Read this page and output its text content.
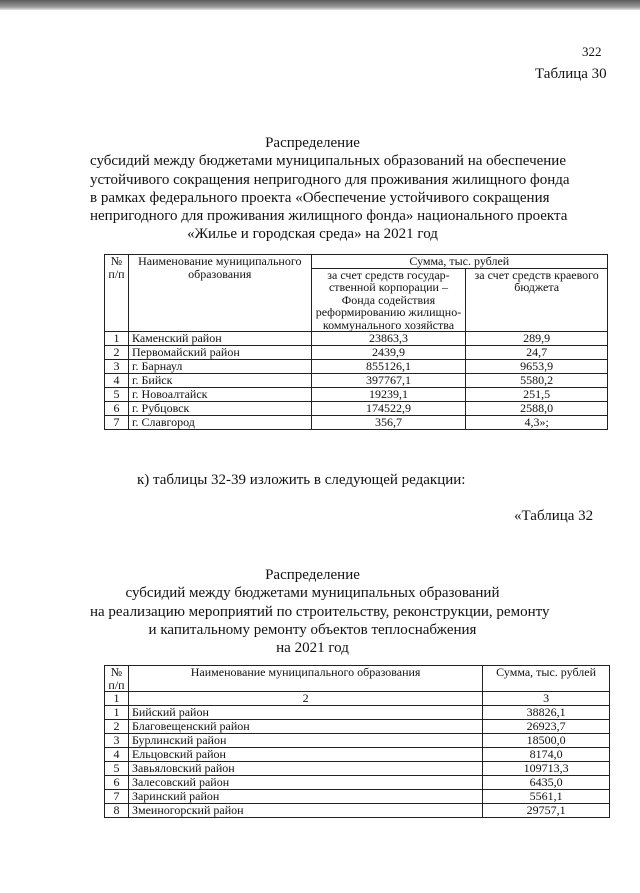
322
Таблица 30
Распределение
субсидий между бюджетами муниципальных образований на обеспечение
устойчивого сокращения непригодного для проживания жилищного фонда
в рамках федерального проекта «Обеспечение устойчивого сокращения
непригодного для проживания жилищного фонда» национального проекта
«Жилье и городская среда» на 2021 год
№ п/п	Наименование муниципального образования	Сумма, тыс. рублей	
		за счет средств государ-ственной корпорации – Фонда содействия реформированию жилищно-коммунального хозяйства	за счет средств краевого бюджета
1	Каменский район	23863,3	289,9
2	Первомайский район	2439,9	24,7
3	г. Барнаул	855126,1	9653,9
4	г. Бийск	397767,1	5580,2
5	г. Новоалтайск	19239,1	251,5
6	г. Рубцовск	174522,9	2588,0
7	г. Славгород	356,7	4,3»;
к) таблицы 32-39 изложить в следующей редакции:
«Таблица 32
Распределение
субсидий между бюджетами муниципальных образований
на реализацию мероприятий по строительству, реконструкции, ремонту
и капитальному ремонту объектов теплоснабжения
на 2021 год
№ п/п	Наименование муниципального образования	Сумма, тыс. рублей
1	2	3
1	Бийский район	38826,1
2	Благовещенский район	26923,7
3	Бурлинский район	18500,0
4	Ельцовский район	8174,0
5	Завьяловский район	109713,3
6	Залесовский район	6435,0
7	Заринский район	5561,1
8	Змеиногорский район	29757,1
